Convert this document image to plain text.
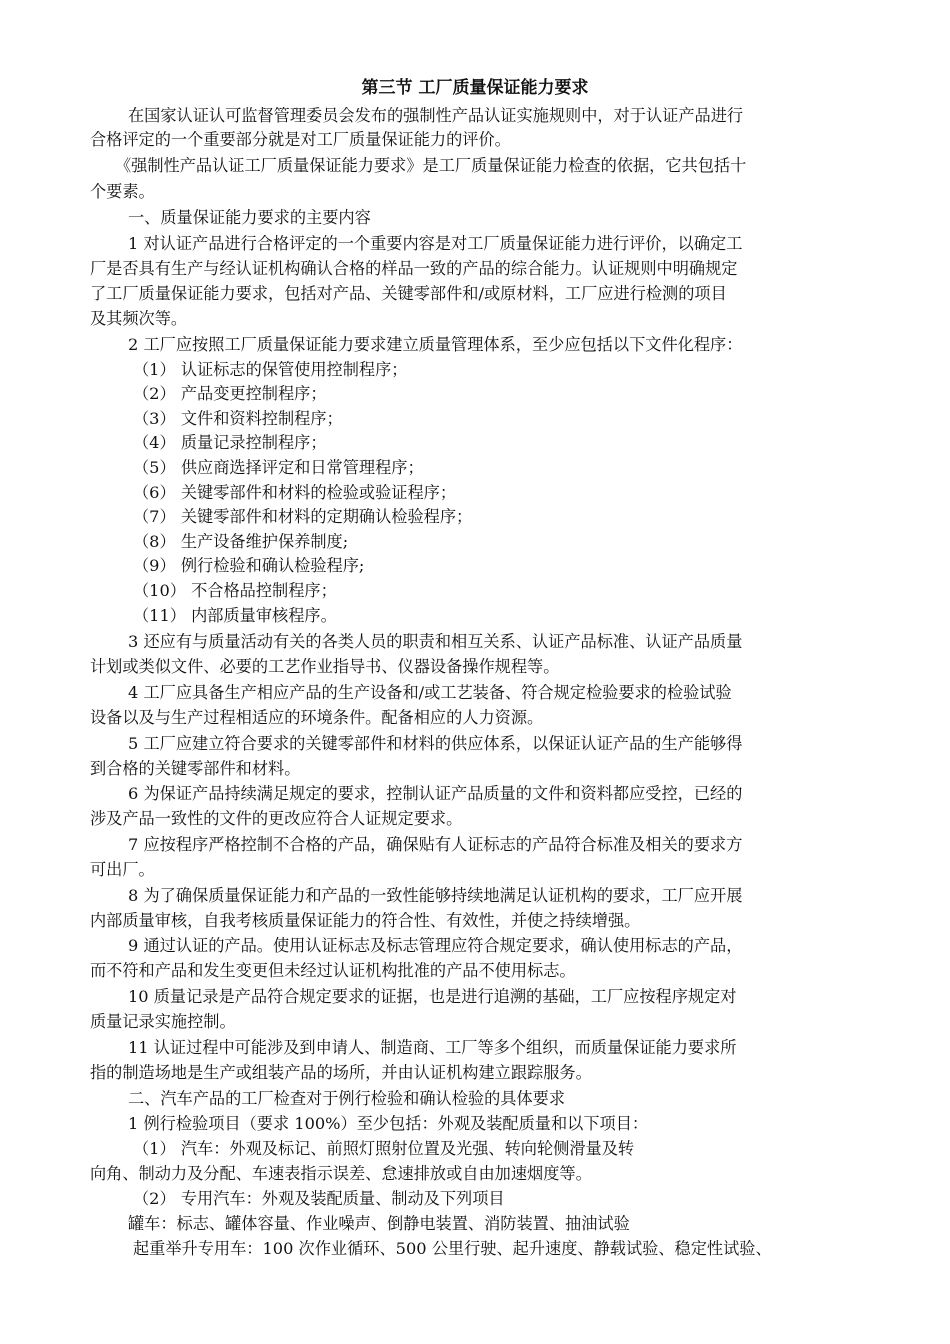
第三节 工厂质量保证能力要求
在国家认证认可监督管理委员会发布的强制性产品认证实施规则中，对于认证产品进行
合格评定的一个重要部分就是对工厂质量保证能力的评价。
《强制性产品认证工厂质量保证能力要求》是工厂质量保证能力检查的依据，它共包括十
个要素。
一、质量保证能力要求的主要内容
1 对认证产品进行合格评定的一个重要内容是对工厂质量保证能力进行评价，以确定工
厂是否具有生产与经认证机构确认合格的样品一致的产品的综合能力。认证规则中明确规定
了工厂质量保证能力要求，包括对产品、关键零部件和/或原材料，工厂应进行检测的项目
及其频次等。
2 工厂应按照工厂质量保证能力要求建立质量管理体系，至少应包括以下文件化程序：
（1） 认证标志的保管使用控制程序；
（2） 产品变更控制程序；
（3） 文件和资料控制程序；
（4） 质量记录控制程序；
（5） 供应商选择评定和日常管理程序；
（6） 关键零部件和材料的检验或验证程序；
（7） 关键零部件和材料的定期确认检验程序；
（8） 生产设备维护保养制度;
（9） 例行检验和确认检验程序;
（10） 不合格品控制程序；
（11） 内部质量审核程序。
3 还应有与质量活动有关的各类人员的职责和相互关系、认证产品标准、认证产品质量
计划或类似文件、必要的工艺作业指导书、仪器设备操作规程等。
4 工厂应具备生产相应产品的生产设备和/或工艺装备、符合规定检验要求的检验试验
设备以及与生产过程相适应的环境条件。配备相应的人力资源。
5 工厂应建立符合要求的关键零部件和材料的供应体系，以保证认证产品的生产能够得
到合格的关键零部件和材料。
6 为保证产品持续满足规定的要求，控制认证产品质量的文件和资料都应受控，已经的
涉及产品一致性的文件的更改应符合人证规定要求。
7 应按程序严格控制不合格的产品，确保贴有人证标志的产品符合标准及相关的要求方
可出厂。
8 为了确保质量保证能力和产品的一致性能够持续地满足认证机构的要求，工厂应开展
内部质量审核，自我考核质量保证能力的符合性、有效性，并使之持续增强。
9 通过认证的产品。使用认证标志及标志管理应符合规定要求，确认使用标志的产品，
而不符和产品和发生变更但未经过认证机构批准的产品不使用标志。
10 质量记录是产品符合规定要求的证据，也是进行追溯的基础，工厂应按程序规定对
质量记录实施控制。
11 认证过程中可能涉及到申请人、制造商、工厂等多个组织，而质量保证能力要求所
指的制造场地是生产或组装产品的场所，并由认证机构建立跟踪服务。
二、汽车产品的工厂检查对于例行检验和确认检验的具体要求
1 例行检验项目（要求 100%）至少包括：外观及装配质量和以下项目：
（1） 汽车：外观及标记、前照灯照射位置及光强、转向轮侧滑量及转
向角、制动力及分配、车速表指示误差、怠速排放或自由加速烟度等。
（2） 专用汽车：外观及装配质量、制动及下列项目
罐车：标志、罐体容量、作业噪声、倒静电装置、消防装置、抽油试验
起重举升专用车：100 次作业循环、500 公里行驶、起升速度、静载试验、稳定性试验、
